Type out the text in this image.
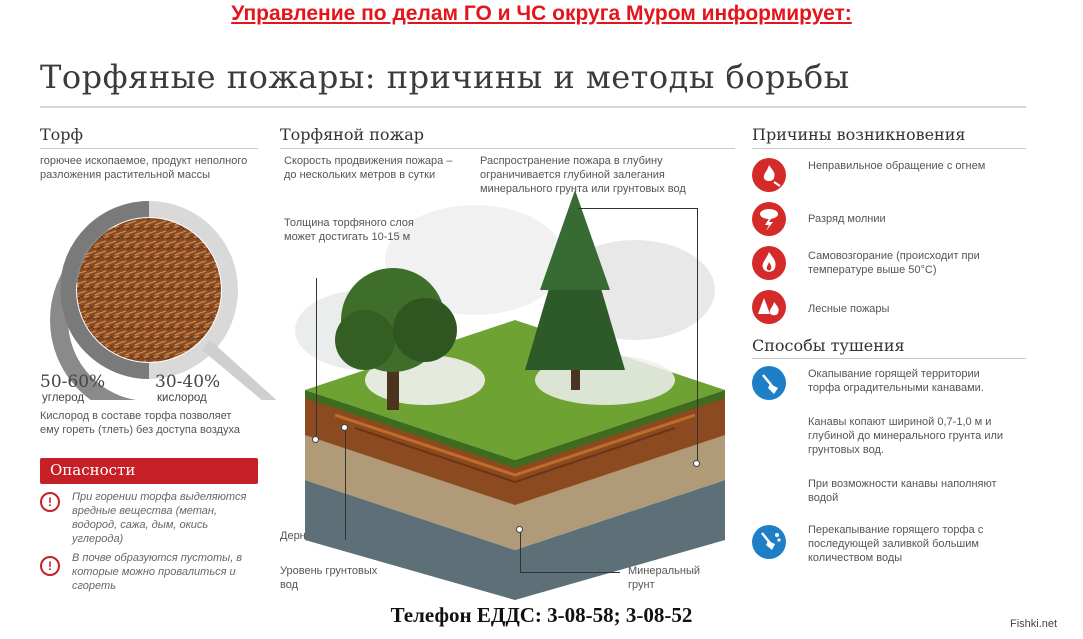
Управление по делам ГО и ЧС округа Муром информирует:
Торфяные пожары: причины и методы борьбы
Торф
горючее ископаемое, продукт неполного разложения растительной массы
50-60%
углерод
30-40%
кислород
Кислород в составе торфа позволяет ему гореть (тлеть) без доступа воздуха
Опасности
!	При горении торфа выделяются вредные вещества (метан, водород, сажа, дым, окись углерода)
!
В почве образуются пустоты, в которые можно провалиться и сгореть
Торфяной пожар
Скорость продвижения пожара – до нескольких метров в сутки
Толщина торфяного слоя может достигать 10-15 м
Распространение пожара в глубину ограничивается глубиной залегания минерального грунта или грунтовых вод
Дерн
Уровень грунтовых вод
Минеральный грунт
Причины возникновения
Неправильное обращение с огнем
Разряд молнии
Самовозгорание (происходит при температуре выше 50°C)
Лесные пожары
Способы тушения
Окапывание горящей территории торфа оградительными канавами.
Канавы копают шириной 0,7-1,0 м и глубиной до минерального грунта или грунтовых вод.
При возможности канавы наполняют водой
Перекапывание горящего торфа с последующей заливкой большим количеством воды
Телефон ЕДДС: 3-08-58; 3-08-52	Fishki.net
